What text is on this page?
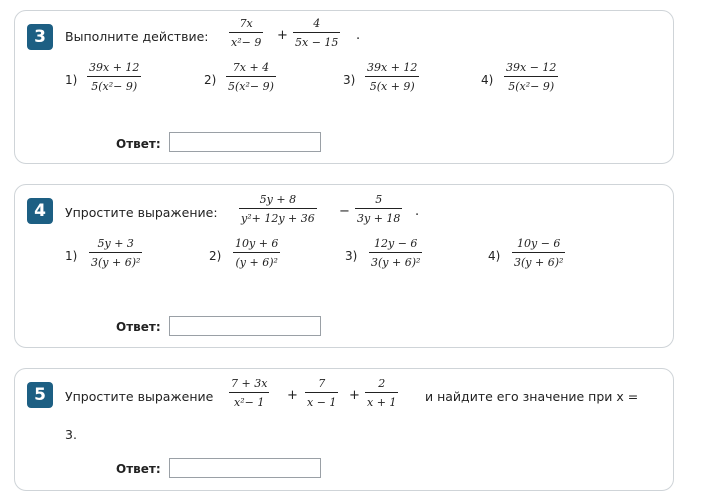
3	Выполните действие:
7x
x²− 9 +
4
5x − 15 .
1)
39x + 12
5(x²− 9)	2)
7x + 4
5(x²− 9)	3)
39x + 12
5(x + 9)	4)
39x − 12
5(x²− 9)
Ответ:
4	Упростите выражение:
5y + 8
y²+ 12y + 36 −
5
3y + 18 .
1)
5y + 3
3(y + 6)²	2)
10y + 6
(y + 6)²	3)
12y − 6
3(y + 6)²	4)
10y − 6
3(y + 6)²
Ответ:
5	Упростите выражение
7 + 3x
x²− 1	+
7
x − 1 +
2
x + 1 и найдите его значение при x =
3.
Ответ:
